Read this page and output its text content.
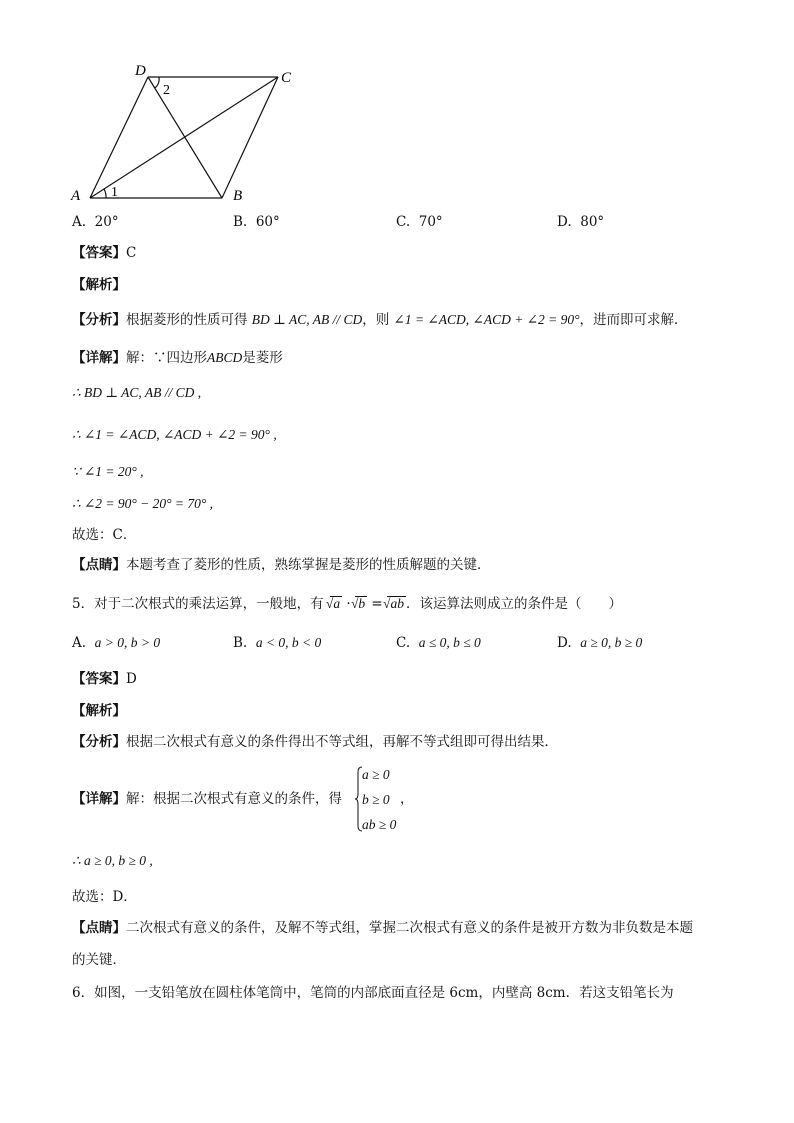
D	C
A	B
1
2
A. 20°	B. 60°	C. 70°	D. 80°
【答案】C
【解析】
【分析】根据菱形的性质可得 BD ⊥ AC, AB // CD，则 ∠1 = ∠ACD, ∠ACD + ∠2 = 90°，进而即可求解．
【详解】解：∵四边形ABCD是菱形
∴ BD ⊥ AC, AB // CD ,
∴ ∠1 = ∠ACD, ∠ACD + ∠2 = 90° ,
∵ ∠1 = 20° ,
∴ ∠2 = 90° − 20° = 70° ,
故选：C．
【点睛】本题考查了菱形的性质，熟练掌握是菱形的性质解题的关键．
5．对于二次根式的乘法运算，一般地，有 √a · √b = √ab ．该运算法则成立的条件是（　　）
A. a > 0, b > 0	B. a < 0, b < 0	C. a ≤ 0, b ≤ 0	D. a ≥ 0, b ≥ 0
【答案】D
【解析】
【分析】根据二次根式有意义的条件得出不等式组，再解不等式组即可得出结果．
【详解】解：根据二次根式有意义的条件，得
a ≥ 0
b ≥ 0
ab ≥ 0
，
∴ a ≥ 0, b ≥ 0 ,
故选：D．
【点睛】二次根式有意义的条件，及解不等式组，掌握二次根式有意义的条件是被开方数为非负数是本题
的关键．
6．如图，一支铅笔放在圆柱体笔筒中，笔筒的内部底面直径是 6cm，内壁高 8cm．若这支铅笔长为
